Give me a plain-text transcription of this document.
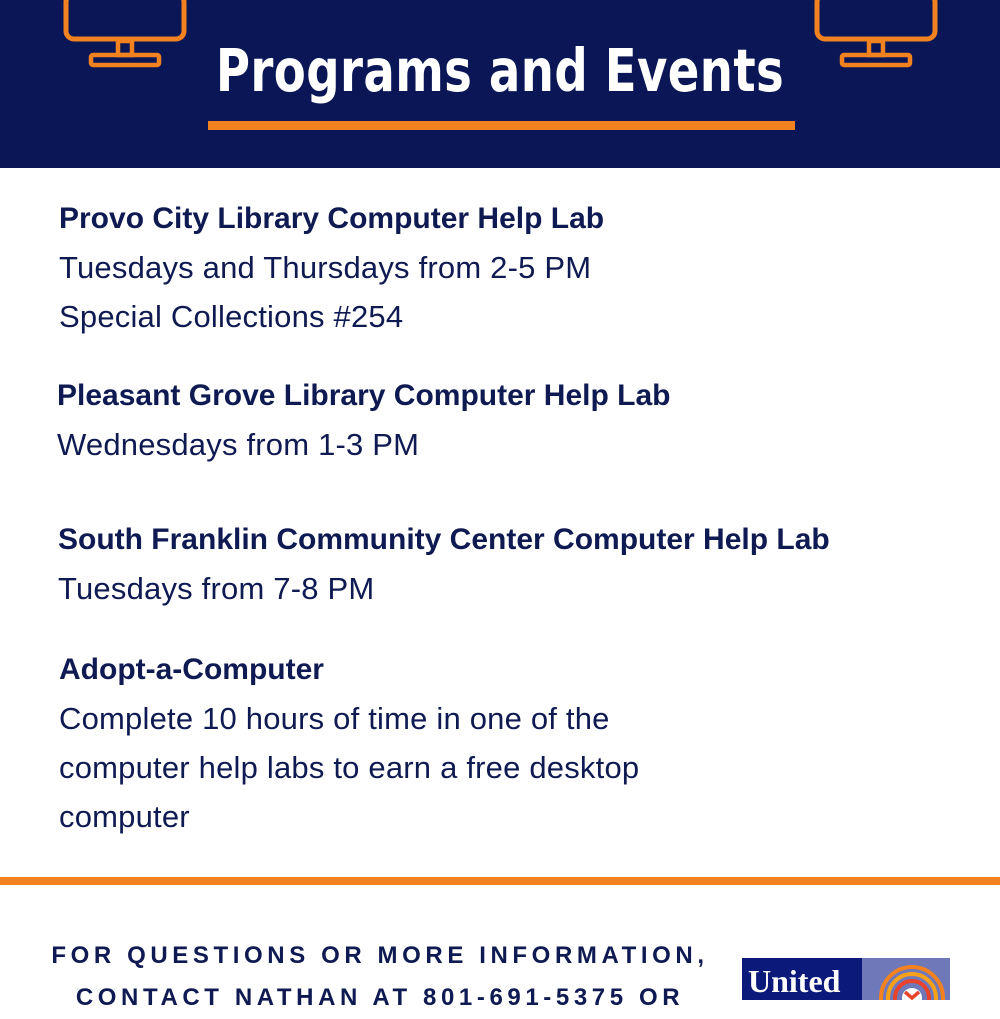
Programs and Events
Provo City Library Computer Help Lab
Tuesdays and Thursdays from 2-5 PM
Special Collections #254
Pleasant Grove Library Computer Help Lab
Wednesdays from 1-3 PM
South Franklin Community Center Computer Help Lab
Tuesdays from 7-8 PM
Adopt-a-Computer
Complete 10 hours of time in one of the
computer help labs to earn a free desktop
computer
FOR QUESTIONS OR MORE INFORMATION,
CONTACT NATHAN AT 801-691-5375 OR	United
